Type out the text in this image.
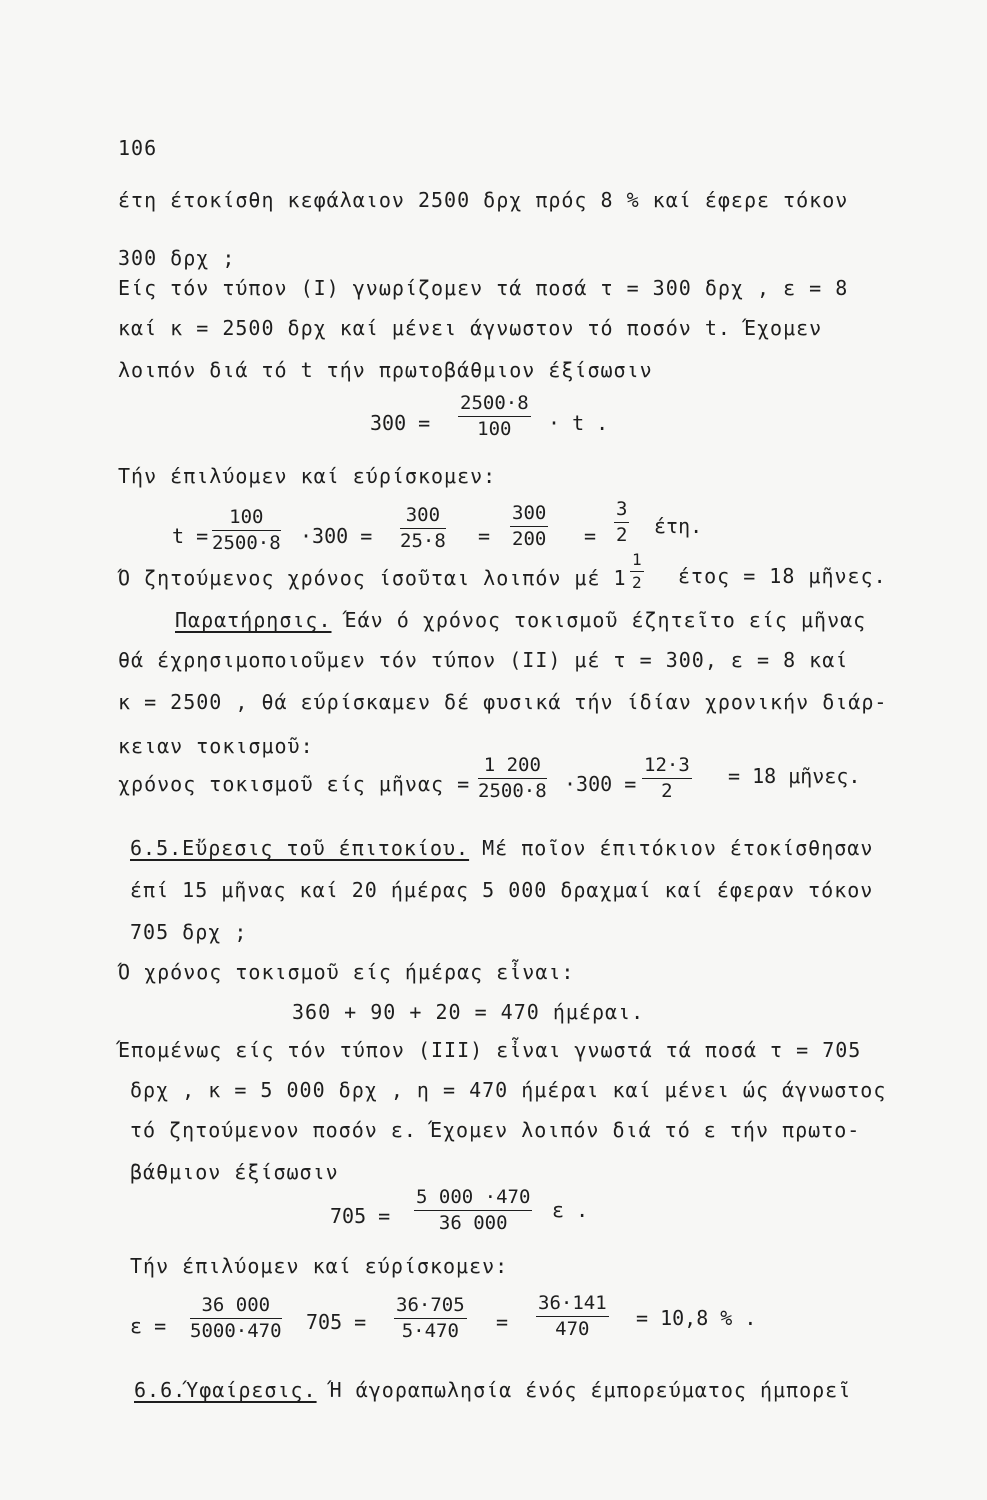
106
έτη έτοκίσθη κεφάλαιον 2500 δρχ πρός 8 % καί έφερε τόκον
300 δρχ ;
Είς τόν τύπον (I) γνωρίζομεν τά ποσά τ = 300 δρχ , ε = 8
καί κ = 2500 δρχ καί μένει άγνωστον τό ποσόν t. Έχομεν
λοιπόν διά τό t τήν πρωτοβάθμιον έξίσωσιν
$300 = \frac{2500\cdot 8}{100} \cdot t$ .
Τήν έπιλύομεν καί εύρίσκομεν:
$t = \frac{100}{2500\cdot 8} \cdot 300 = \frac{300}{25\cdot 8} = \frac{300}{200} = \frac{3}{2} έ\tau\eta$.
Ό ζητούμενος χρόνος ίσοῦται λοιπόν μέ $1 \frac{1}{2}$ έτος = 18 μῆνες.
Παρατήρησις. Έάν ό χρόνος τοκισμοῦ έζητεῖτο είς μῆνας
θά έχρησιμοποιοῦμεν τόν τύπον (II) μέ τ = 300, ε = 8 καί
κ = 2500 , θά εύρίσκαμεν δέ φυσικά τήν ίδίαν χρονικήν διάρ-
κειαν τοκισμοῦ:
χρόνος τοκισμοῦ είς μῆνας = $\frac{1 200}{2500\cdot 8} \cdot 300 = \frac{12\cdot 3}{2} = 18$ μῆνες.
6.5.Εὔρεσις τοῦ έπιτοκίου. Μέ ποῖον έπιτόκιον έτοκίσθησαν
έπί 15 μῆνας καί 20 ήμέρας 5 000 δραχμαί καί έφεραν τόκον
705 δρχ ;
Ό χρόνος τοκισμοῦ είς ήμέρας εἶναι:
360 + 90 + 20 = 470 ήμέραι.
Έπομένως είς τόν τύπον (III) εἶναι γνωστά τά ποσά τ = 705
δρχ , κ = 5 000 δρχ , η = 470 ήμέραι καί μένει ώς άγνωστος
τό ζητούμενον ποσόν ε. Έχομεν λοιπόν διά τό ε τήν πρωτο-
βάθμιον έξίσωσιν
$705 = \frac{5 000 \cdot 470}{36 000}$ ε .
Τήν έπιλύομεν καί εύρίσκομεν:
$\varepsilon = \frac{36 000}{5000\cdot 470} 705 = \frac{36\cdot 705}{5\cdot 470} = \frac{36\cdot 141}{470} = 10,8$ % .
6.6.Ύφαίρεσις. Ή άγοραπωλησία ένός έμπορεύματος ήμπορεῖ
